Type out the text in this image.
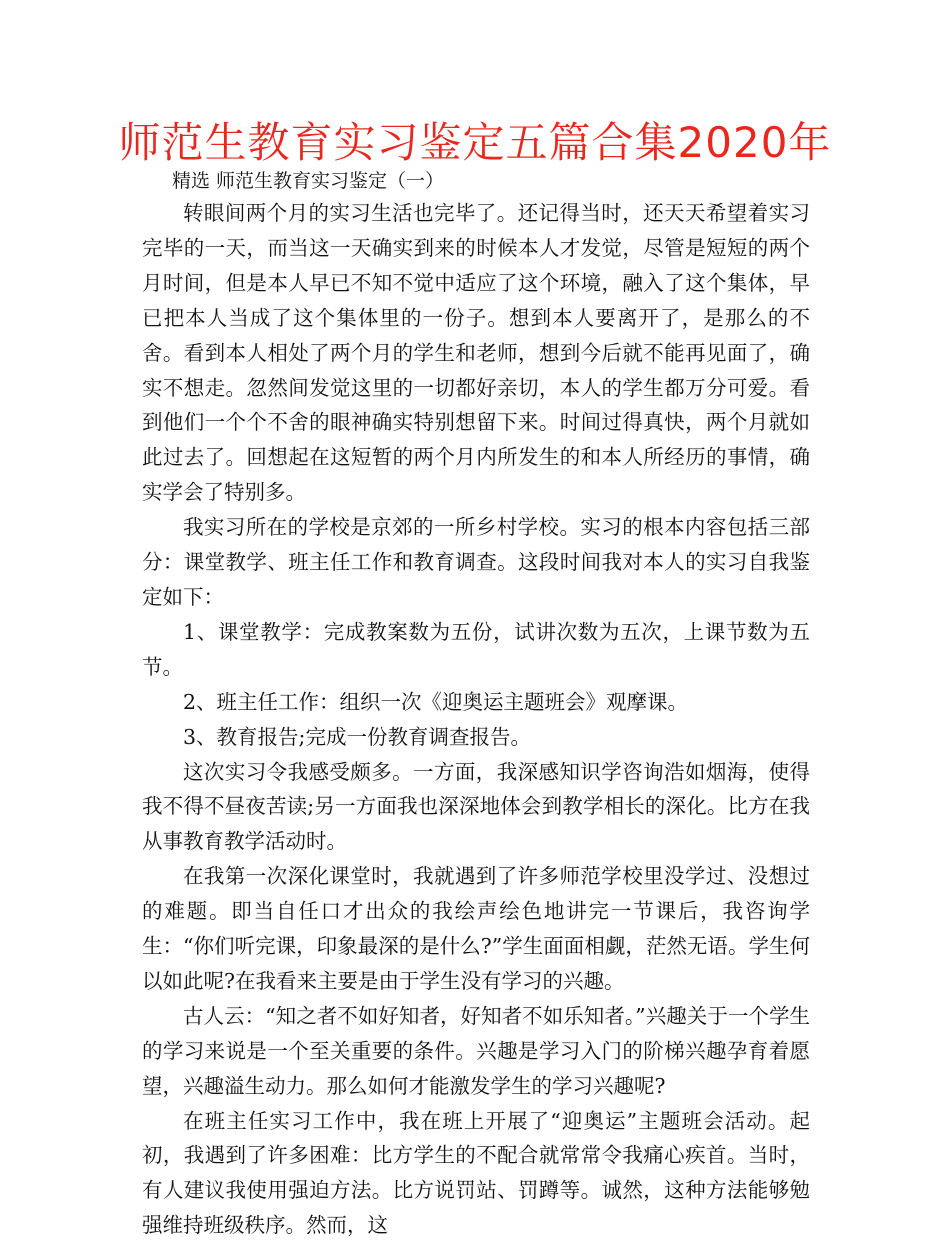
师范生教育实习鉴定五篇合集2020年
精选 师范生教育实习鉴定（一）

转眼间两个月的实习生活也完毕了。还记得当时，还天天希望着实习完毕的一天，而当这一天确实到来的时候本人才发觉，尽管是短短的两个月时间，但是本人早已不知不觉中适应了这个环境，融入了这个集体，早已把本人当成了这个集体里的一份子。想到本人要离开了，是那么的不舍。看到本人相处了两个月的学生和老师，想到今后就不能再见面了，确实不想走。忽然间发觉这里的一切都好亲切，本人的学生都万分可爱。看到他们一个个不舍的眼神确实特别想留下来。时间过得真快，两个月就如此过去了。回想起在这短暂的两个月内所发生的和本人所经历的事情，确实学会了特别多。

我实习所在的学校是京郊的一所乡村学校。实习的根本内容包括三部分：课堂教学、班主任工作和教育调查。这段时间我对本人的实习自我鉴定如下：

1、课堂教学：完成教案数为五份，试讲次数为五次，上课节数为五节。

2、班主任工作：组织一次《迎奥运主题班会》观摩课。

3、教育报告;完成一份教育调查报告。

这次实习令我感受颇多。一方面，我深感知识学咨询浩如烟海，使得我不得不昼夜苦读;另一方面我也深深地体会到教学相长的深化。比方在我从事教育教学活动时。

在我第一次深化课堂时，我就遇到了许多师范学校里没学过、没想过的难题。即当自任口才出众的我绘声绘色地讲完一节课后，我咨询学生：“你们听完课，印象最深的是什么?”学生面面相觑，茫然无语。学生何以如此呢?在我看来主要是由于学生没有学习的兴趣。

古人云：“知之者不如好知者，好知者不如乐知者。”兴趣关于一个学生的学习来说是一个至关重要的条件。兴趣是学习入门的阶梯兴趣孕育着愿望，兴趣溢生动力。那么如何才能激发学生的学习兴趣呢?

在班主任实习工作中，我在班上开展了“迎奥运”主题班会活动。起初，我遇到了许多困难：比方学生的不配合就常常令我痛心疾首。当时，有人建议我使用强迫方法。比方说罚站、罚蹲等。诚然，这种方法能够勉强维持班级秩序。然而，这
